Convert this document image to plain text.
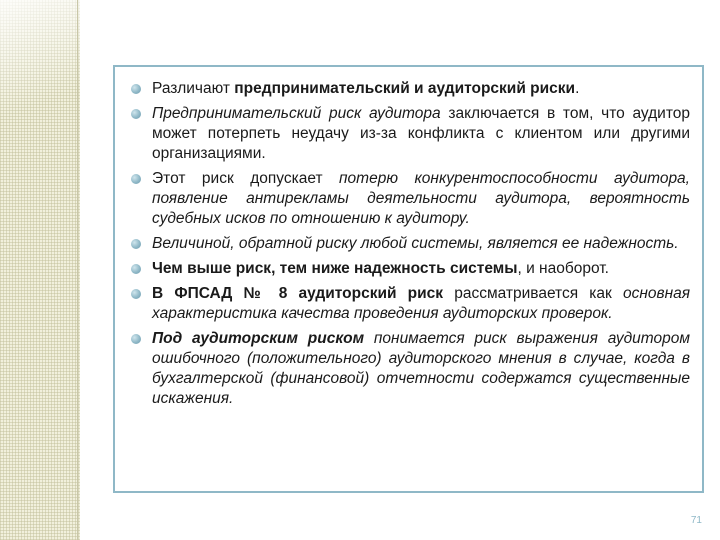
Различают предпринимательский и аудиторский риски.
Предпринимательский риск аудитора заключается в том, что аудитор может потерпеть неудачу из-за конфликта с клиентом или другими организациями.
Этот риск допускает потерю конкурентоспособности аудитора, появление антирекламы деятельности аудитора, вероятность судебных исков по отношению к аудитору.
Величиной, обратной риску любой системы, является ее надежность.
Чем выше риск, тем ниже надежность системы, и наоборот.
В ФПСАД № 8 аудиторский риск рассматривается как основная характеристика качества проведения аудиторских проверок.
Под аудиторским риском понимается риск выражения аудитором ошибочного (положительного) аудиторского мнения в случае, когда в бухгалтерской (финансовой) отчетности содержатся существенные искажения.
71
